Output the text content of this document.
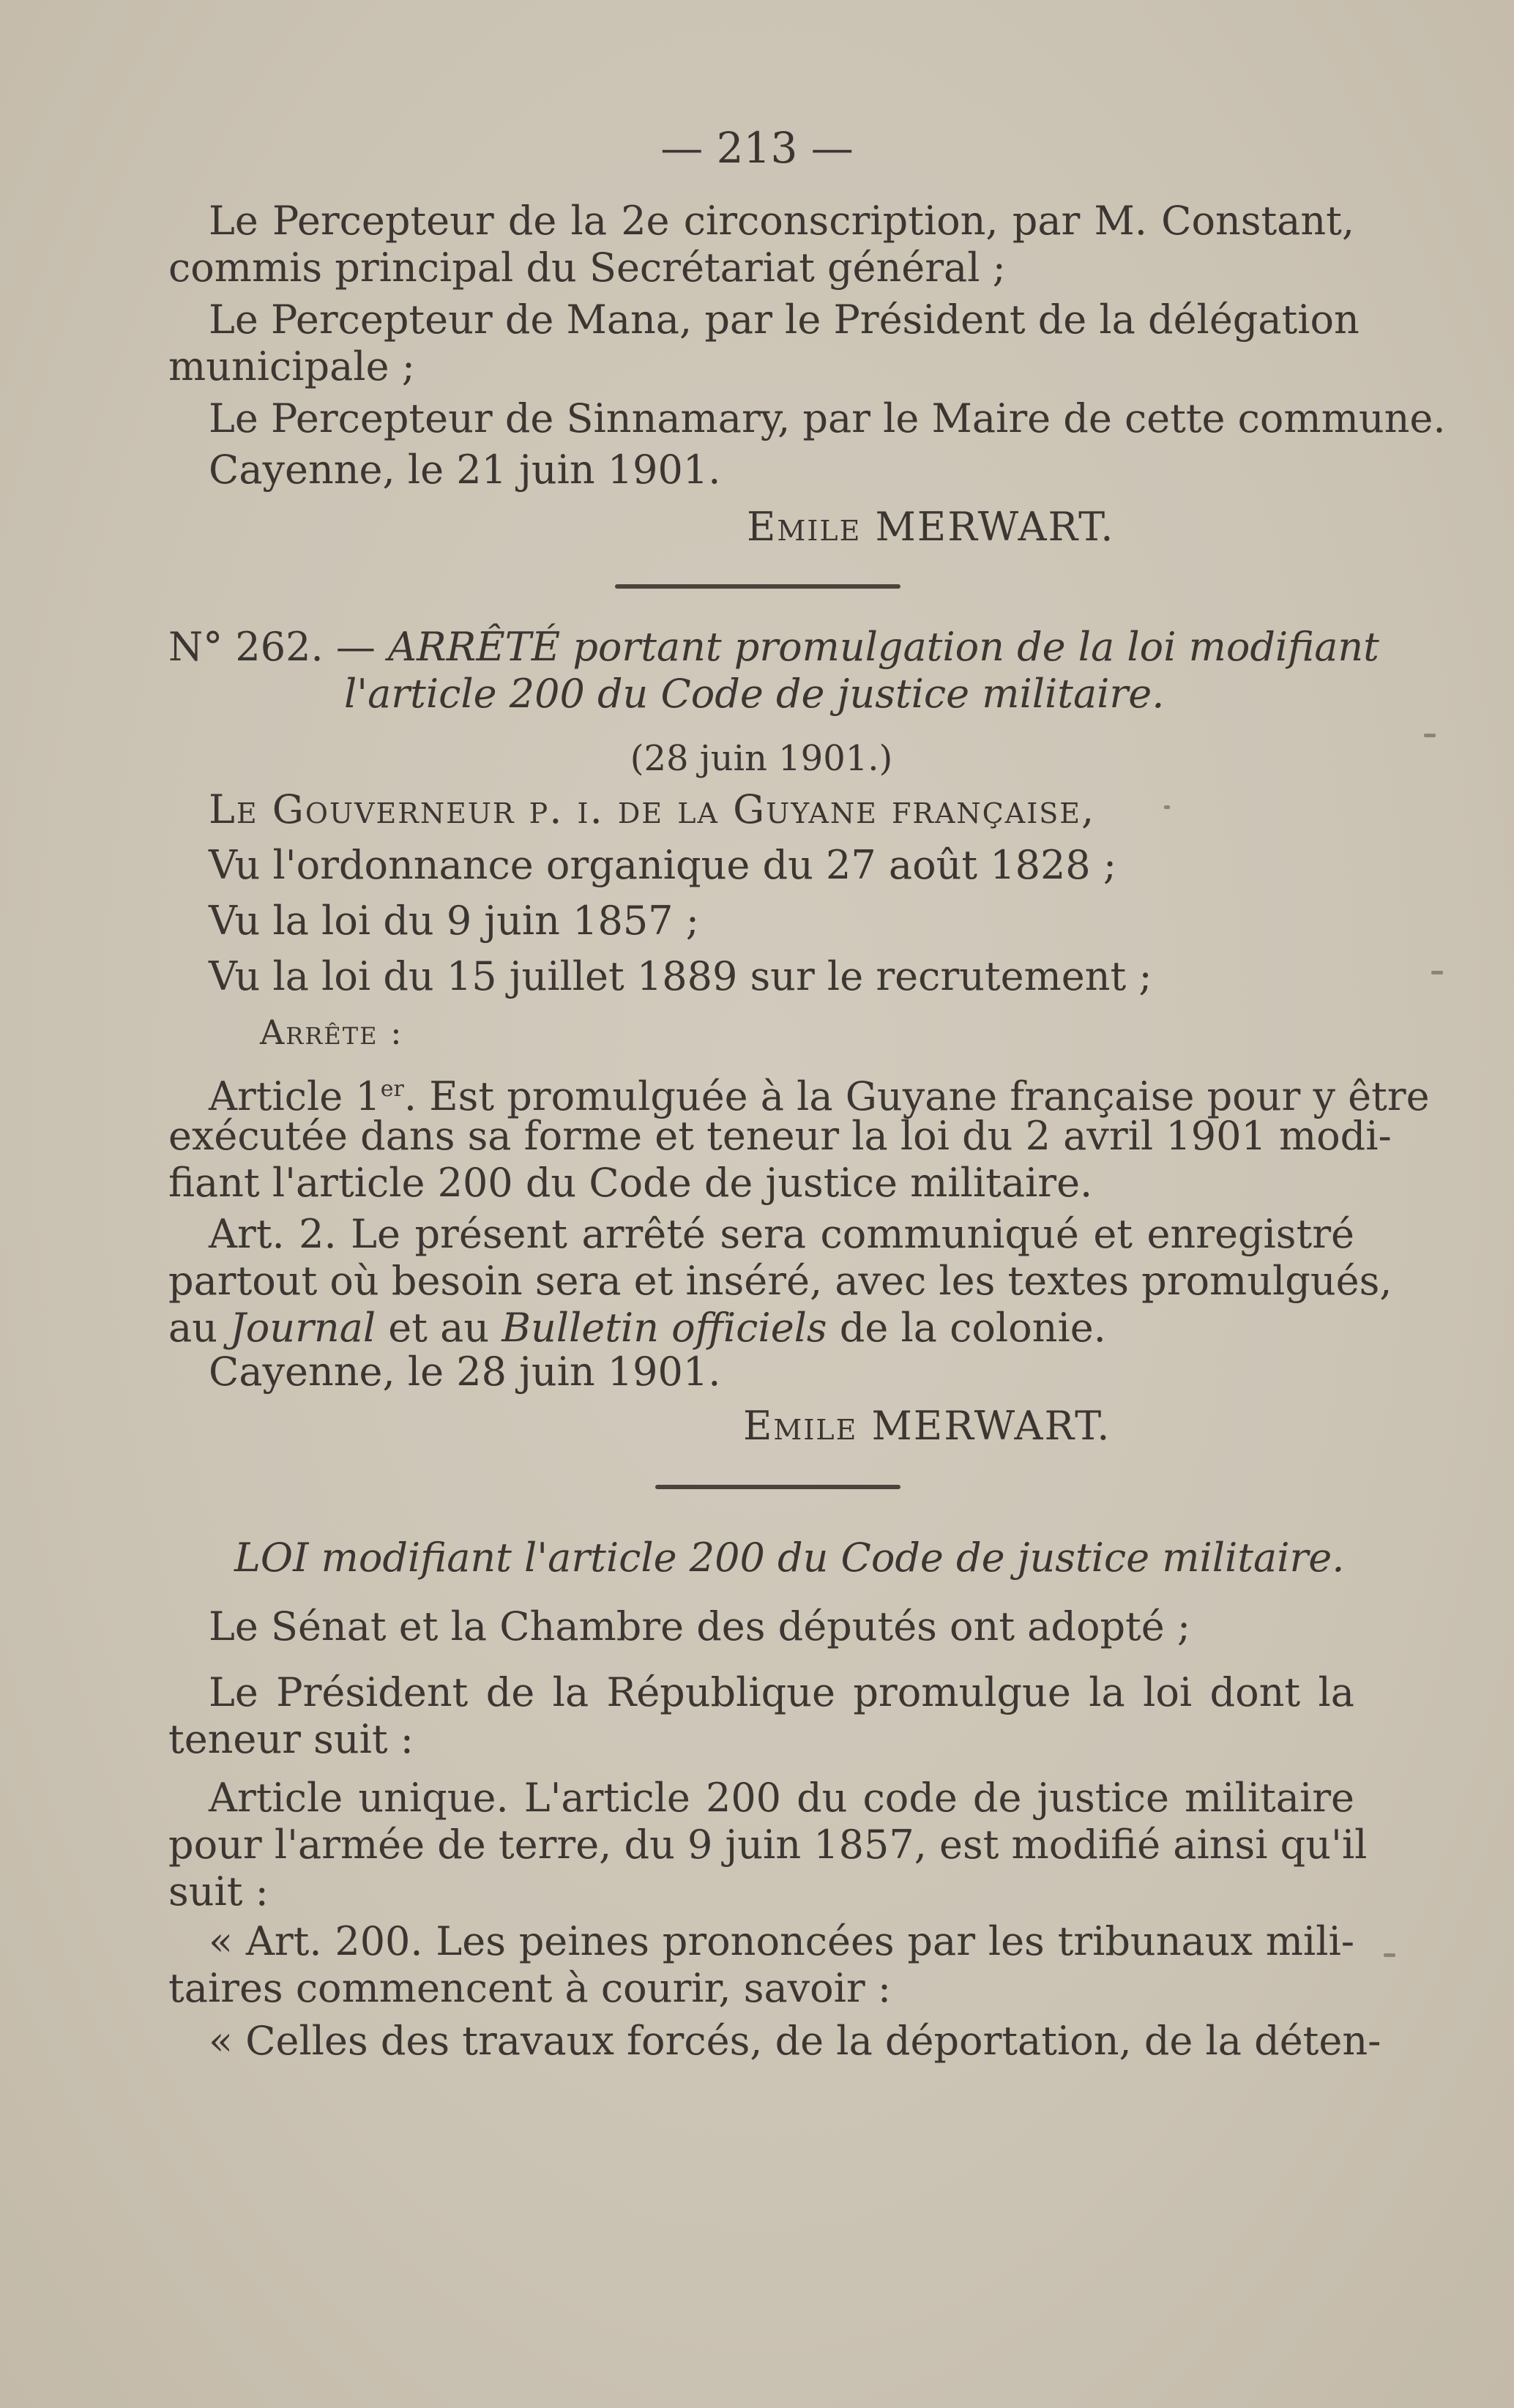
— 213 —
Le Percepteur de la 2e circonscription, par M. Constant,
commis principal du Secrétariat général ;
Le Percepteur de Mana, par le Président de la délégation
municipale ;
Le Percepteur de Sinnamary, par le Maire de cette commune.
Cayenne, le 21 juin 1901.
Emile MERWART.
N° 262. — ARRÊTÉ portant promulgation de la loi modifiant
l'article 200 du Code de justice militaire.
(28 juin 1901.)
Le Gouverneur p. i. de la Guyane française,
Vu l'ordonnance organique du 27 août 1828 ;
Vu la loi du 9 juin 1857 ;
Vu la loi du 15 juillet 1889 sur le recrutement ;
Arrête :
Article 1er. Est promulguée à la Guyane française pour y être
exécutée dans sa forme et teneur la loi du 2 avril 1901 modi-
fiant l'article 200 du Code de justice militaire.
Art. 2. Le présent arrêté sera communiqué et enregistré
partout où besoin sera et inséré, avec les textes promulgués,
au Journal et au Bulletin officiels de la colonie.
Cayenne, le 28 juin 1901.
Emile MERWART.
LOI modifiant l'article 200 du Code de justice militaire.
Le Sénat et la Chambre des députés ont adopté ;
Le Président de la République promulgue la loi dont la
teneur suit :
Article unique. L'article 200 du code de justice militaire
pour l'armée de terre, du 9 juin 1857, est modifié ainsi qu'il
suit :
« Art. 200. Les peines prononcées par les tribunaux mili-
taires commencent à courir, savoir :
« Celles des travaux forcés, de la déportation, de la déten-
